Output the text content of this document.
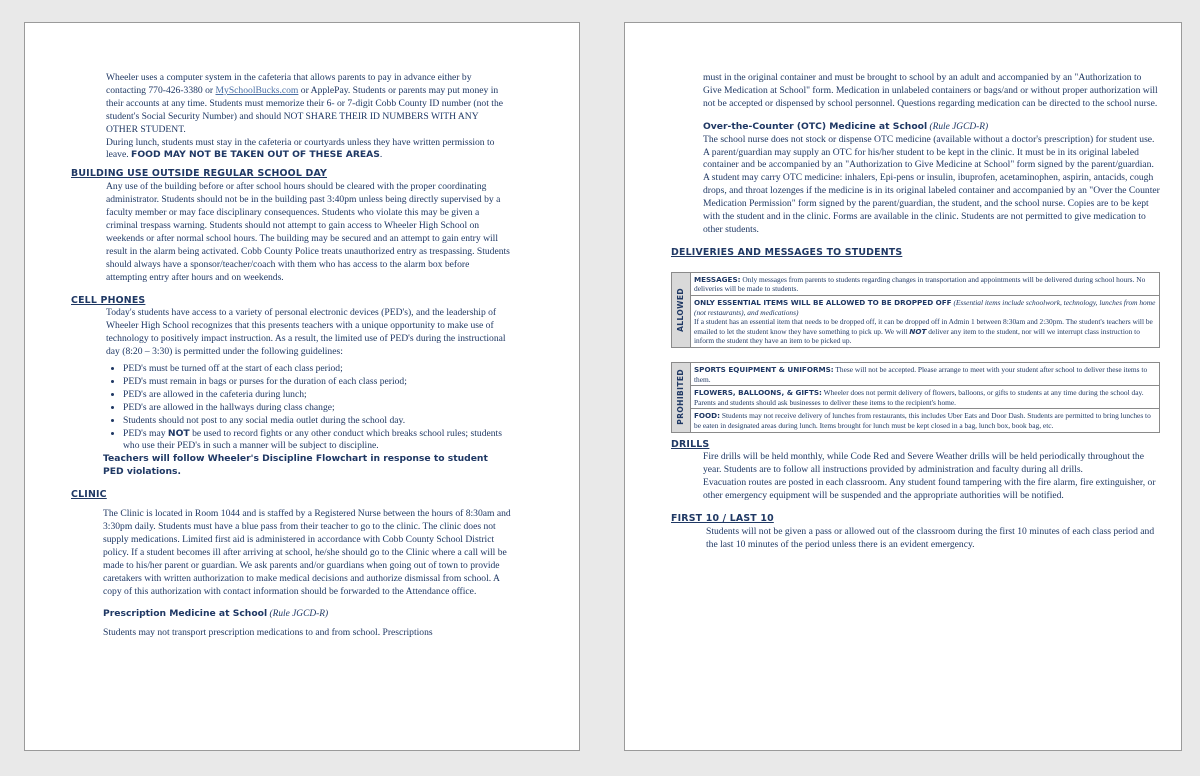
Wheeler uses a computer system in the cafeteria that allows parents to pay in advance either by contacting 770-426-3380 or MySchoolBucks.com or ApplePay. Students or parents may put money in their accounts at any time. Students must memorize their 6- or 7-digit Cobb County ID number (not the student's Social Security Number) and should NOT SHARE THEIR ID NUMBERS WITH ANY OTHER STUDENT.

During lunch, students must stay in the cafeteria or courtyards unless they have written permission to leave. FOOD MAY NOT BE TAKEN OUT OF THESE AREAS.

BUILDING USE OUTSIDE REGULAR SCHOOL DAY

Any use of the building before or after school hours should be cleared with the proper coordinating administrator. Students should not be in the building past 3:40pm unless being directly supervised by a faculty member or may face disciplinary consequences. Students who violate this may be given a criminal trespass warning. Students should not attempt to gain access to Wheeler High School on weekends or after normal school hours. The building may be secured and an attempt to gain entry will result in the alarm being activated. Cobb County Police treats unauthorized entry as trespassing. Students should always have a sponsor/teacher/coach with them who has access to the alarm box before attempting entry after hours and on weekends.

CELL PHONES

Today's students have access to a variety of personal electronic devices (PED's), and the leadership of Wheeler High School recognizes that this presents teachers with a unique opportunity to make use of technology to positively impact instruction. As a result, the limited use of PED's during the instructional day (8:20 – 3:30) is permitted under the following guidelines:

• PED's must be turned off at the start of each class period;
• PED's must remain in bags or purses for the duration of each class period;
• PED's are allowed in the cafeteria during lunch;
• PED's are allowed in the hallways during class change;
• Students should not post to any social media outlet during the school day.
• PED's may NOT be used to record fights or any other conduct which breaks school rules; students who use their PED's in such a manner will be subject to discipline.

Teachers will follow Wheeler's Discipline Flowchart in response to student PED violations.

CLINIC

The Clinic is located in Room 1044 and is staffed by a Registered Nurse between the hours of 8:30am and 3:30pm daily. Students must have a blue pass from their teacher to go to the clinic. The clinic does not supply medications. Limited first aid is administered in accordance with Cobb County School District policy. If a student becomes ill after arriving at school, he/she should go to the Clinic where a call will be made to his/her parent or guardian. We ask parents and/or guardians when going out of town to provide caretakers with written authorization to make medical decisions and authorize dismissal from school. A copy of this authorization with contact information should be forwarded to the Attendance office.

Prescription Medicine at School (Rule JGCD-R)

Students may not transport prescription medications to and from school. Prescriptions

must in the original container and must be brought to school by an adult and accompanied by an "Authorization to Give Medication at School" form. Medication in unlabeled containers or bags/and or without proper authorization will not be accepted or dispensed by school personnel. Questions regarding medication can be directed to the school nurse.

Over-the-Counter (OTC) Medicine at School (Rule JGCD-R)

The school nurse does not stock or dispense OTC medicine (available without a doctor's prescription) for student use. A parent/guardian may supply an OTC for his/her student to be kept in the clinic. It must be in its original labeled container and be accompanied by an "Authorization to Give Medicine at School" form signed by the parent/guardian. A student may carry OTC medicine: inhalers, Epi-pens or insulin, ibuprofen, acetaminophen, aspirin, antacids, cough drops, and throat lozenges if the medicine is in its original labeled container and accompanied by an "Over the Counter Medication Permission" form signed by the parent/guardian, the student, and the school nurse. Copies are to be kept with the student and in the clinic. Forms are available in the clinic. Students are not permitted to give medication to other students.

DELIVERIES AND MESSAGES TO STUDENTS

ALLOWED
	MESSAGES: Only messages from parents to students regarding changes in transportation and appointments will be delivered during school hours. No deliveries will be made to students.
ONLY ESSENTIAL ITEMS WILL BE ALLOWED TO BE DROPPED OFF (Essential items include schoolwork, technology, lunches from home (not restaurants), and medications)
If a student has an essential item that needs to be dropped off, it can be dropped off in Admin 1 between 8:30am and 2:30pm. The student's teachers will be emailed to let the student know they have something to pick up. We will NOT deliver any item to the student, nor will we interrupt class instruction to inform the student they have an item to be picked up.
PROHIBITED	SPORTS EQUIPMENT & UNIFORMS: These will not be accepted. Please arrange to meet with your student after school to deliver these items to them.
FLOWERS, BALLOONS, & GIFTS: Wheeler does not permit delivery of flowers, balloons, or gifts to students at any time during the school day. Parents and students should ask businesses to deliver these items to the recipient's home.
FOOD: Students may not receive delivery of lunches from restaurants, this includes Uber Eats and Door Dash. Students are permitted to bring lunches to be eaten in designated areas during lunch. Items brought for lunch must be kept closed in a bag, lunch box, book bag, etc.

DRILLS

Fire drills will be held monthly, while Code Red and Severe Weather drills will be held periodically throughout the year. Students are to follow all instructions provided by administration and faculty during all drills.

Evacuation routes are posted in each classroom. Any student found tampering with the fire alarm, fire extinguisher, or other emergency equipment will be suspended and the appropriate authorities will be notified.

FIRST 10 / LAST 10

Students will not be given a pass or allowed out of the classroom during the first 10 minutes of each class period and the last 10 minutes of the period unless there is an evident emergency.
